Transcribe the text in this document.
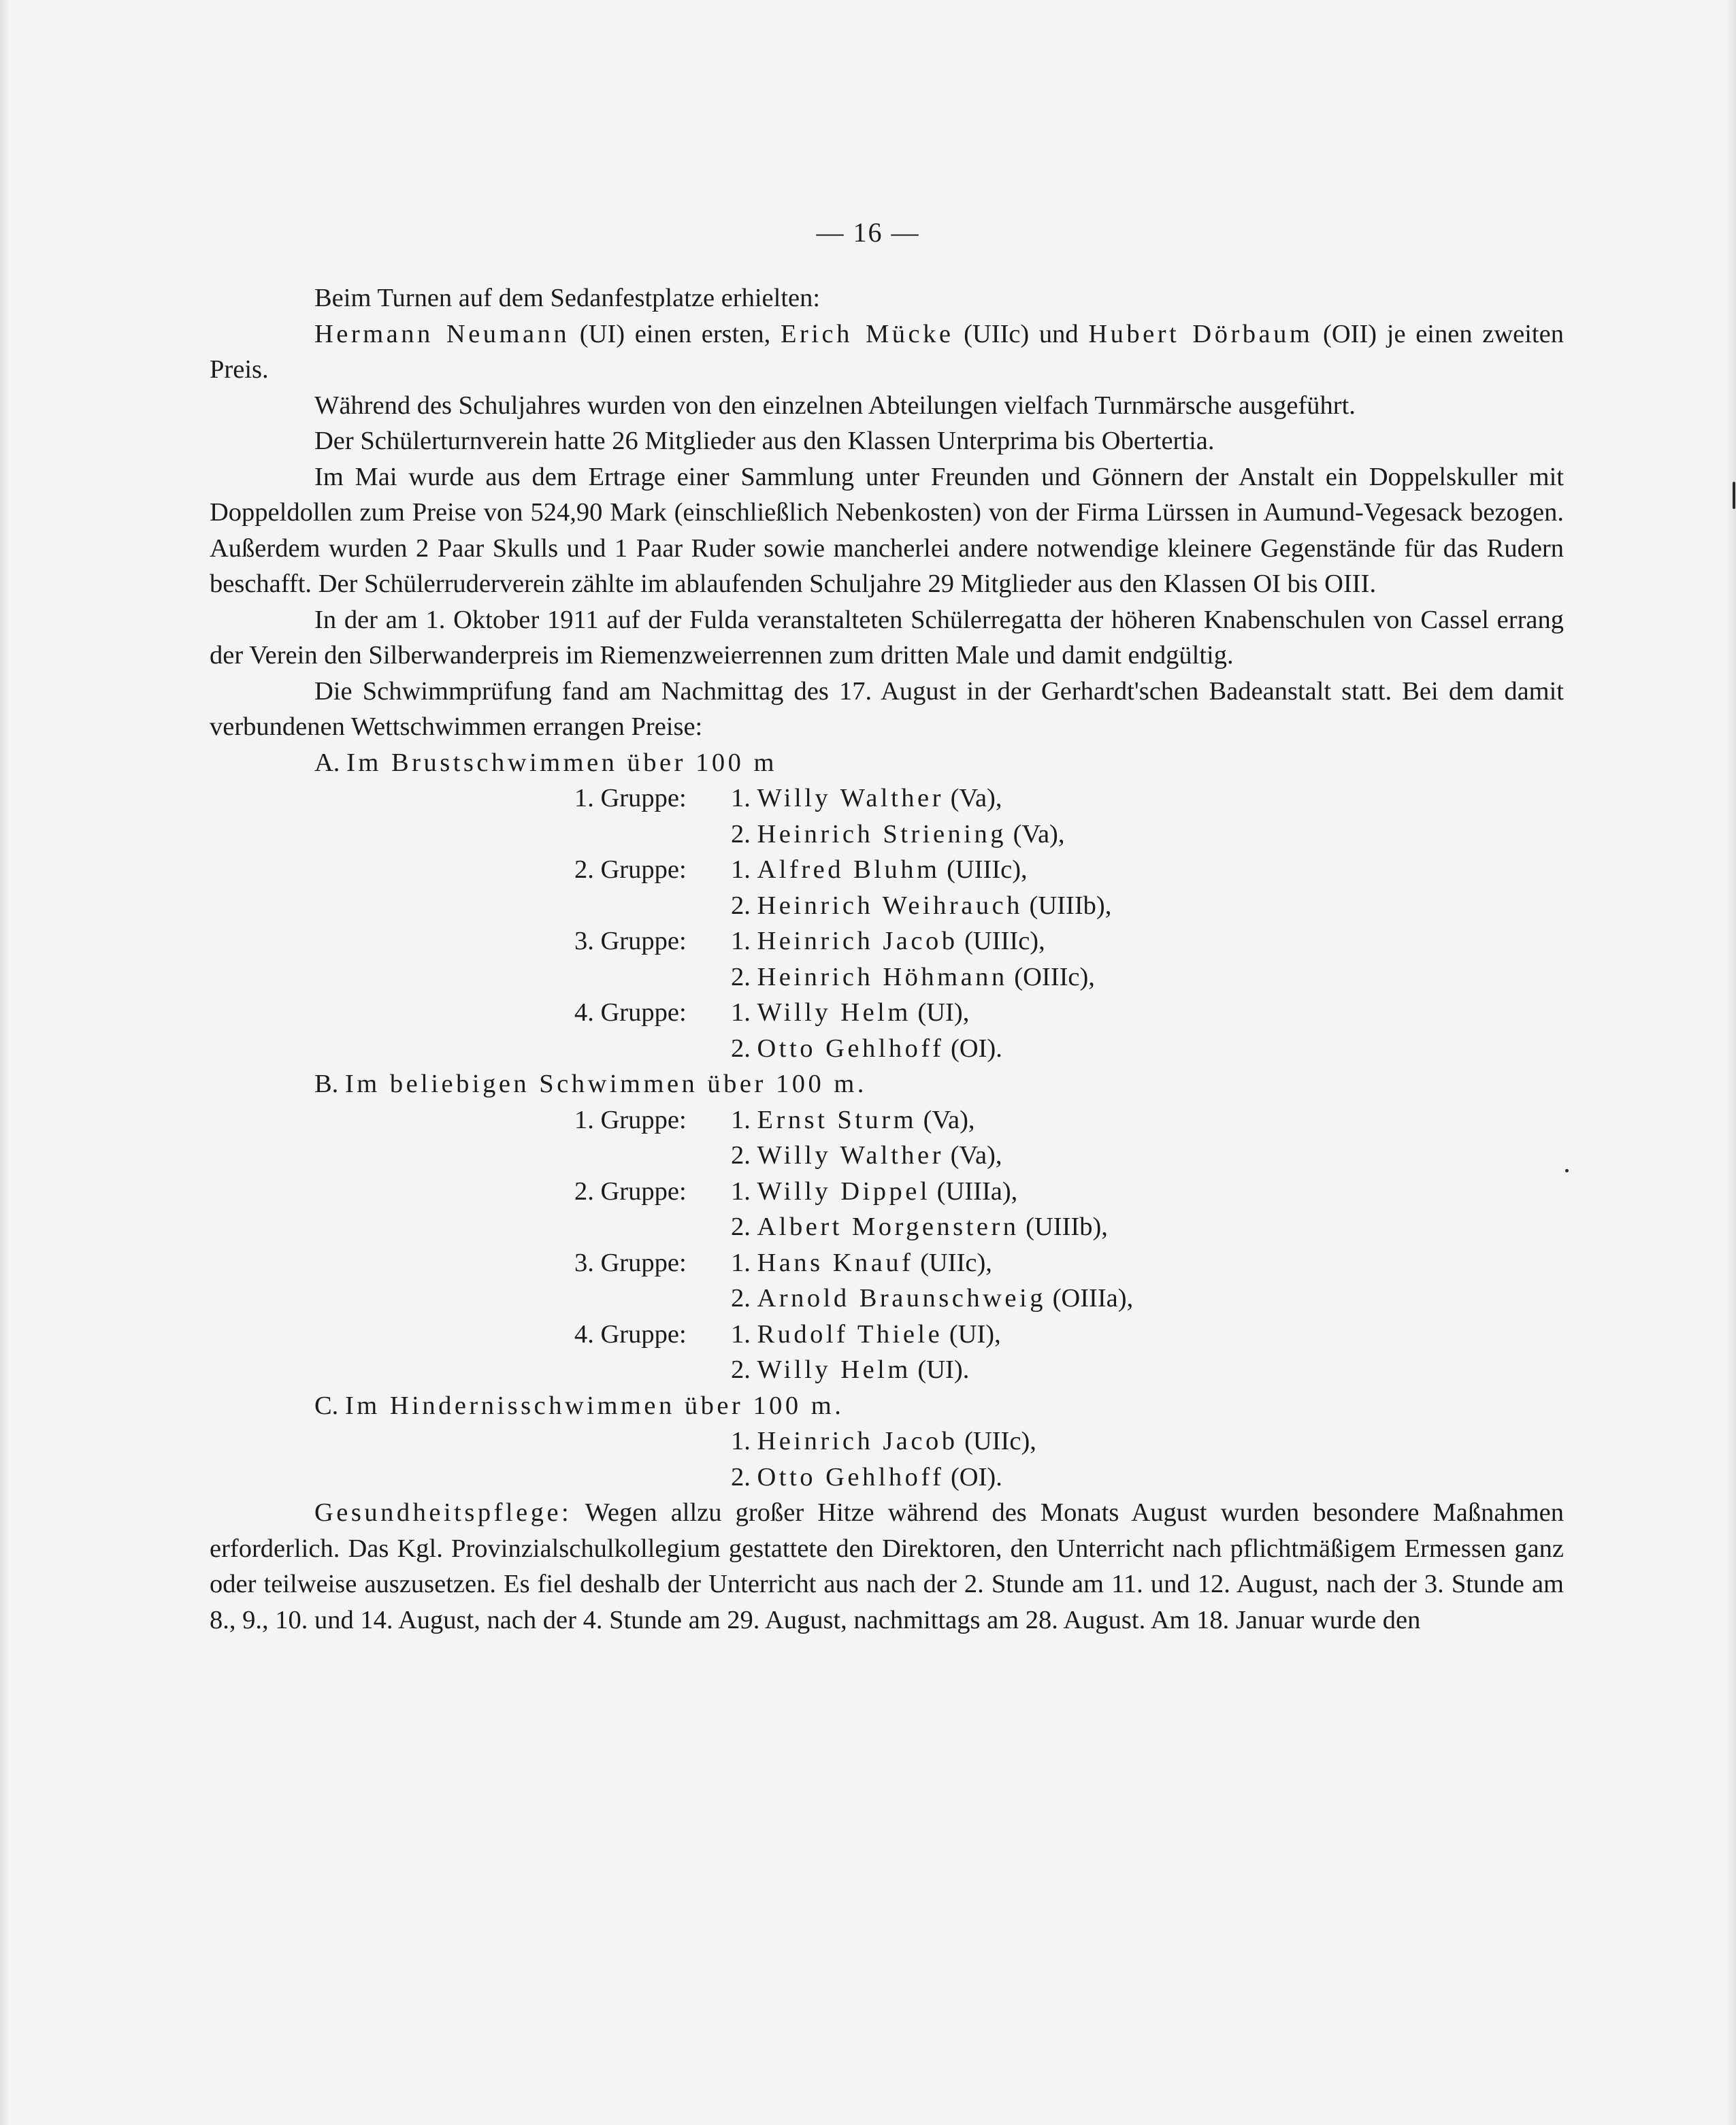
— 16 —

Beim Turnen auf dem Sedanfestplatze erhielten:

Hermann Neumann (UI) einen ersten, Erich Mücke (UIIc) und Hubert Dörbaum (OII) je einen zweiten Preis.

Während des Schuljahres wurden von den einzelnen Abteilungen vielfach Turnmärsche ausgeführt.

Der Schülerturnverein hatte 26 Mitglieder aus den Klassen Unterprima bis Obertertia.

Im Mai wurde aus dem Ertrage einer Sammlung unter Freunden und Gönnern der Anstalt ein Doppelskuller mit Doppeldollen zum Preise von 524,90 Mark (einschließlich Nebenkosten) von der Firma Lürssen in Aumund-Vegesack bezogen. Außerdem wurden 2 Paar Skulls und 1 Paar Ruder sowie mancherlei andere notwendige kleinere Gegenstände für das Rudern beschafft. Der Schülerruderverein zählte im ablaufenden Schuljahre 29 Mitglieder aus den Klassen OI bis OIII.

In der am 1. Oktober 1911 auf der Fulda veranstalteten Schülerregatta der höheren Knabenschulen von Cassel errang der Verein den Silberwanderpreis im Riemenzweierrennen zum dritten Male und damit endgültig.

Die Schwimmprüfung fand am Nachmittag des 17. August in der Gerhardt'schen Badeanstalt statt. Bei dem damit verbundenen Wettschwimmen errangen Preise:

A. Im Brustschwimmen über 100 m

1. Gruppe: 1. Willy Walther (Va),
2. Heinrich Striening (Va),
2. Gruppe: 1. Alfred Bluhm (UIIIc),
2. Heinrich Weihrauch (UIIIb),
3. Gruppe: 1. Heinrich Jacob (UIIIc),
2. Heinrich Höhmann (OIIIc),
4. Gruppe: 1. Willy Helm (UI),
2. Otto Gehlhoff (OI).

B. Im beliebigen Schwimmen über 100 m.

1. Gruppe: 1. Ernst Sturm (Va),
2. Willy Walther (Va),
2. Gruppe: 1. Willy Dippel (UIIIa),
2. Albert Morgenstern (UIIIb),
3. Gruppe: 1. Hans Knauf (UIIc),
2. Arnold Braunschweig (OIIIa),
4. Gruppe: 1. Rudolf Thiele (UI),
2. Willy Helm (UI).

C. Im Hindernisschwimmen über 100 m.

1. Heinrich Jacob (UIIc),
2. Otto Gehlhoff (OI).

Gesundheitspflege: Wegen allzu großer Hitze während des Monats August wurden besondere Maßnahmen erforderlich. Das Kgl. Provinzialschulkollegium gestattete den Direktoren, den Unterricht nach pflichtmäßigem Ermessen ganz oder teilweise auszusetzen. Es fiel deshalb der Unterricht aus nach der 2. Stunde am 11. und 12. August, nach der 3. Stunde am 8., 9., 10. und 14. August, nach der 4. Stunde am 29. August, nachmittags am 28. August. Am 18. Januar wurde den
